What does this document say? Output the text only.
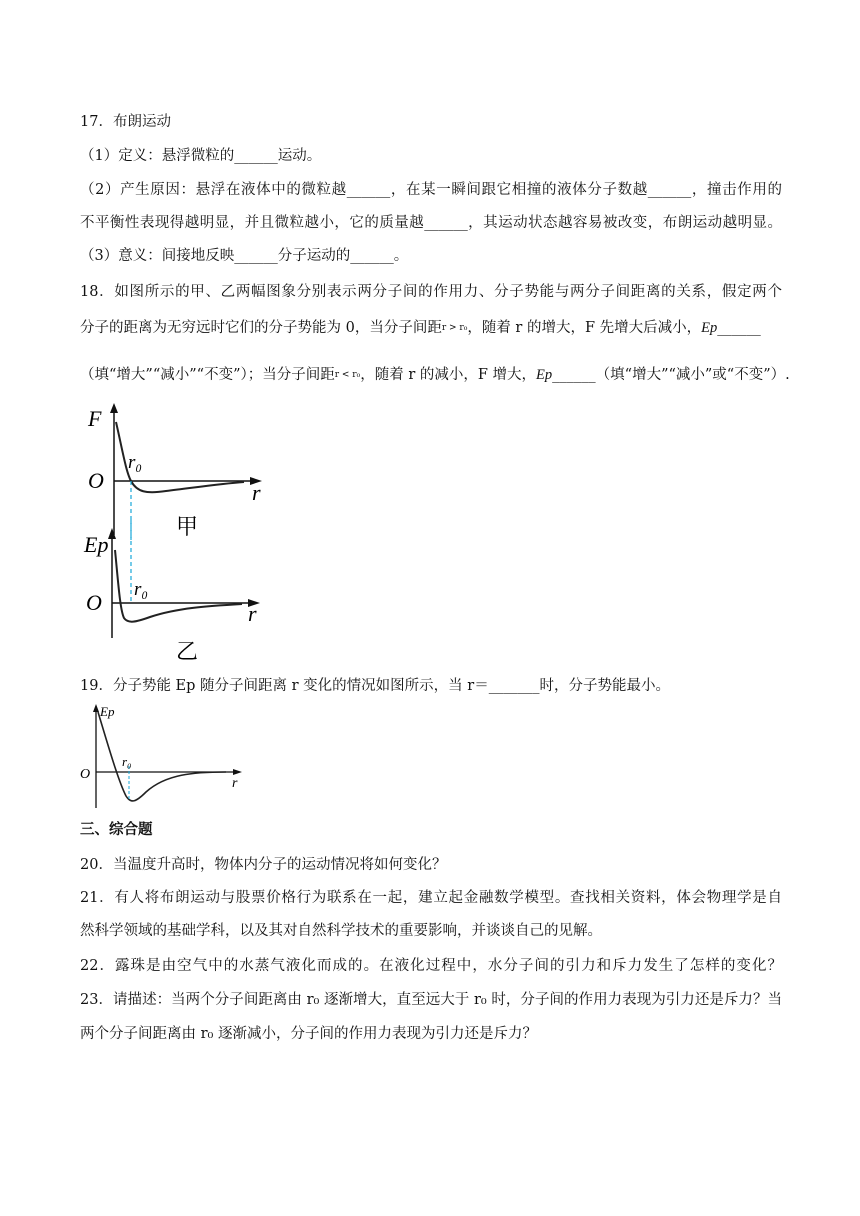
17．布朗运动
（1）定义：悬浮微粒的______运动。
（2）产生原因：悬浮在液体中的微粒越______，在某一瞬间跟它相撞的液体分子数越______，撞击作用的
不平衡性表现得越明显，并且微粒越小，它的质量越______，其运动状态越容易被改变，布朗运动越明显。
（3）意义：间接地反映______分子运动的______。
18．如图所示的甲、乙两幅图象分别表示两分子间的作用力、分子势能与两分子间距离的关系，假定两个
分子的距离为无穷远时它们的分子势能为 0，当分子间距r > r₀，随着 r 的增大，F 先增大后减小，Ep______
（填“增大”“减小”“不变”）；当分子间距r < r₀，随着 r 的减小，F 增大，Ep______（填“增大”“减小”或“不变”）.
F
O	r
r₀
甲
Ep
O	r
r₀
乙
19．分子势能 Ep 随分子间距离 r 变化的情况如图所示，当 r＝_______时，分子势能最小。
Ep
O
r
r₀
三、综合题
20．当温度升高时，物体内分子的运动情况将如何变化？
21．有人将布朗运动与股票价格行为联系在一起，建立起金融数学模型。查找相关资料，体会物理学是自
然科学领域的基础学科，以及其对自然科学技术的重要影响，并谈谈自己的见解。
22．露珠是由空气中的水蒸气液化而成的。在液化过程中，水分子间的引力和斥力发生了怎样的变化？
23．请描述：当两个分子间距离由 r₀ 逐渐增大，直至远大于 r₀ 时，分子间的作用力表现为引力还是斥力？当
两个分子间距离由 r₀ 逐渐减小，分子间的作用力表现为引力还是斥力？
